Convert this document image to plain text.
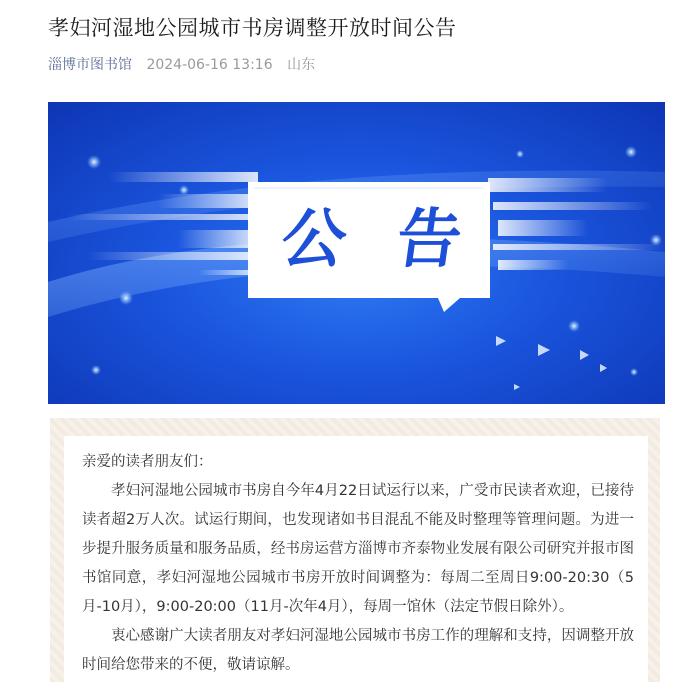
孝妇河湿地公园城市书房调整开放时间公告
淄博市图书馆 2024-06-16 13:16 山东
公 告

亲爱的读者朋友们：

孝妇河湿地公园城市书房自今年4月22日试运行以来，广受市民读者欢迎，已接待读者超2万人次。试运行期间，也发现诸如书目混乱不能及时整理等管理问题。为进一步提升服务质量和服务品质，经书房运营方淄博市齐泰物业发展有限公司研究并报市图书馆同意，孝妇河湿地公园城市书房开放时间调整为：每周二至周日9:00-20:30（5月-10月），9:00-20:00（11月-次年4月），每周一馆休（法定节假日除外）。

衷心感谢广大读者朋友对孝妇河湿地公园城市书房工作的理解和支持，因调整开放时间给您带来的不便，敬请谅解。
